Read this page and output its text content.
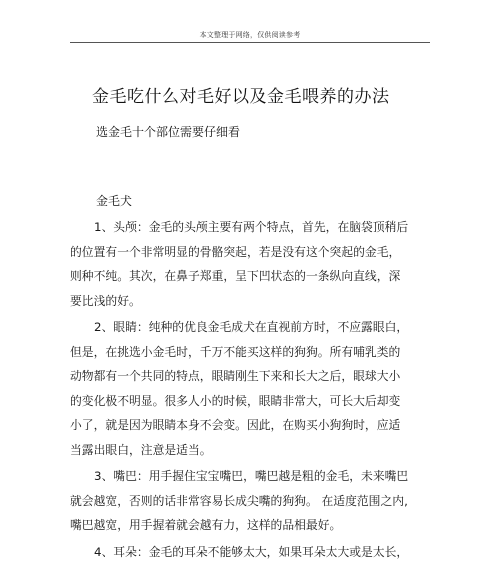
本文整理于网络，仅供阅读参考
金毛吃什么对毛好以及金毛喂养的办法
选金毛十个部位需要仔细看
金毛犬
1、头颅：金毛的头颅主要有两个特点，首先，在脑袋顶稍后
的位置有一个非常明显的骨骼突起，若是没有这个突起的金毛，
则种不纯。其次，在鼻子郑重，呈下凹状态的一条纵向直线，深
要比浅的好。
2、眼睛：纯种的优良金毛成犬在直视前方时，不应露眼白，
但是，在挑选小金毛时，千万不能买这样的狗狗。所有哺乳类的
动物都有一个共同的特点，眼睛刚生下来和长大之后，眼球大小
的变化极不明显。很多人小的时候，眼睛非常大，可长大后却变
小了，就是因为眼睛本身不会变。因此，在购买小狗狗时，应适
当露出眼白，注意是适当。
3、嘴巴：用手握住宝宝嘴巴，嘴巴越是粗的金毛，未来嘴巴
就会越宽，否则的话非常容易长成尖嘴的狗狗。 在适度范围之内,
嘴巴越宽，用手握着就会越有力，这样的品相最好。
4、耳朵：金毛的耳朵不能够太大，如果耳朵太大或是太长，
